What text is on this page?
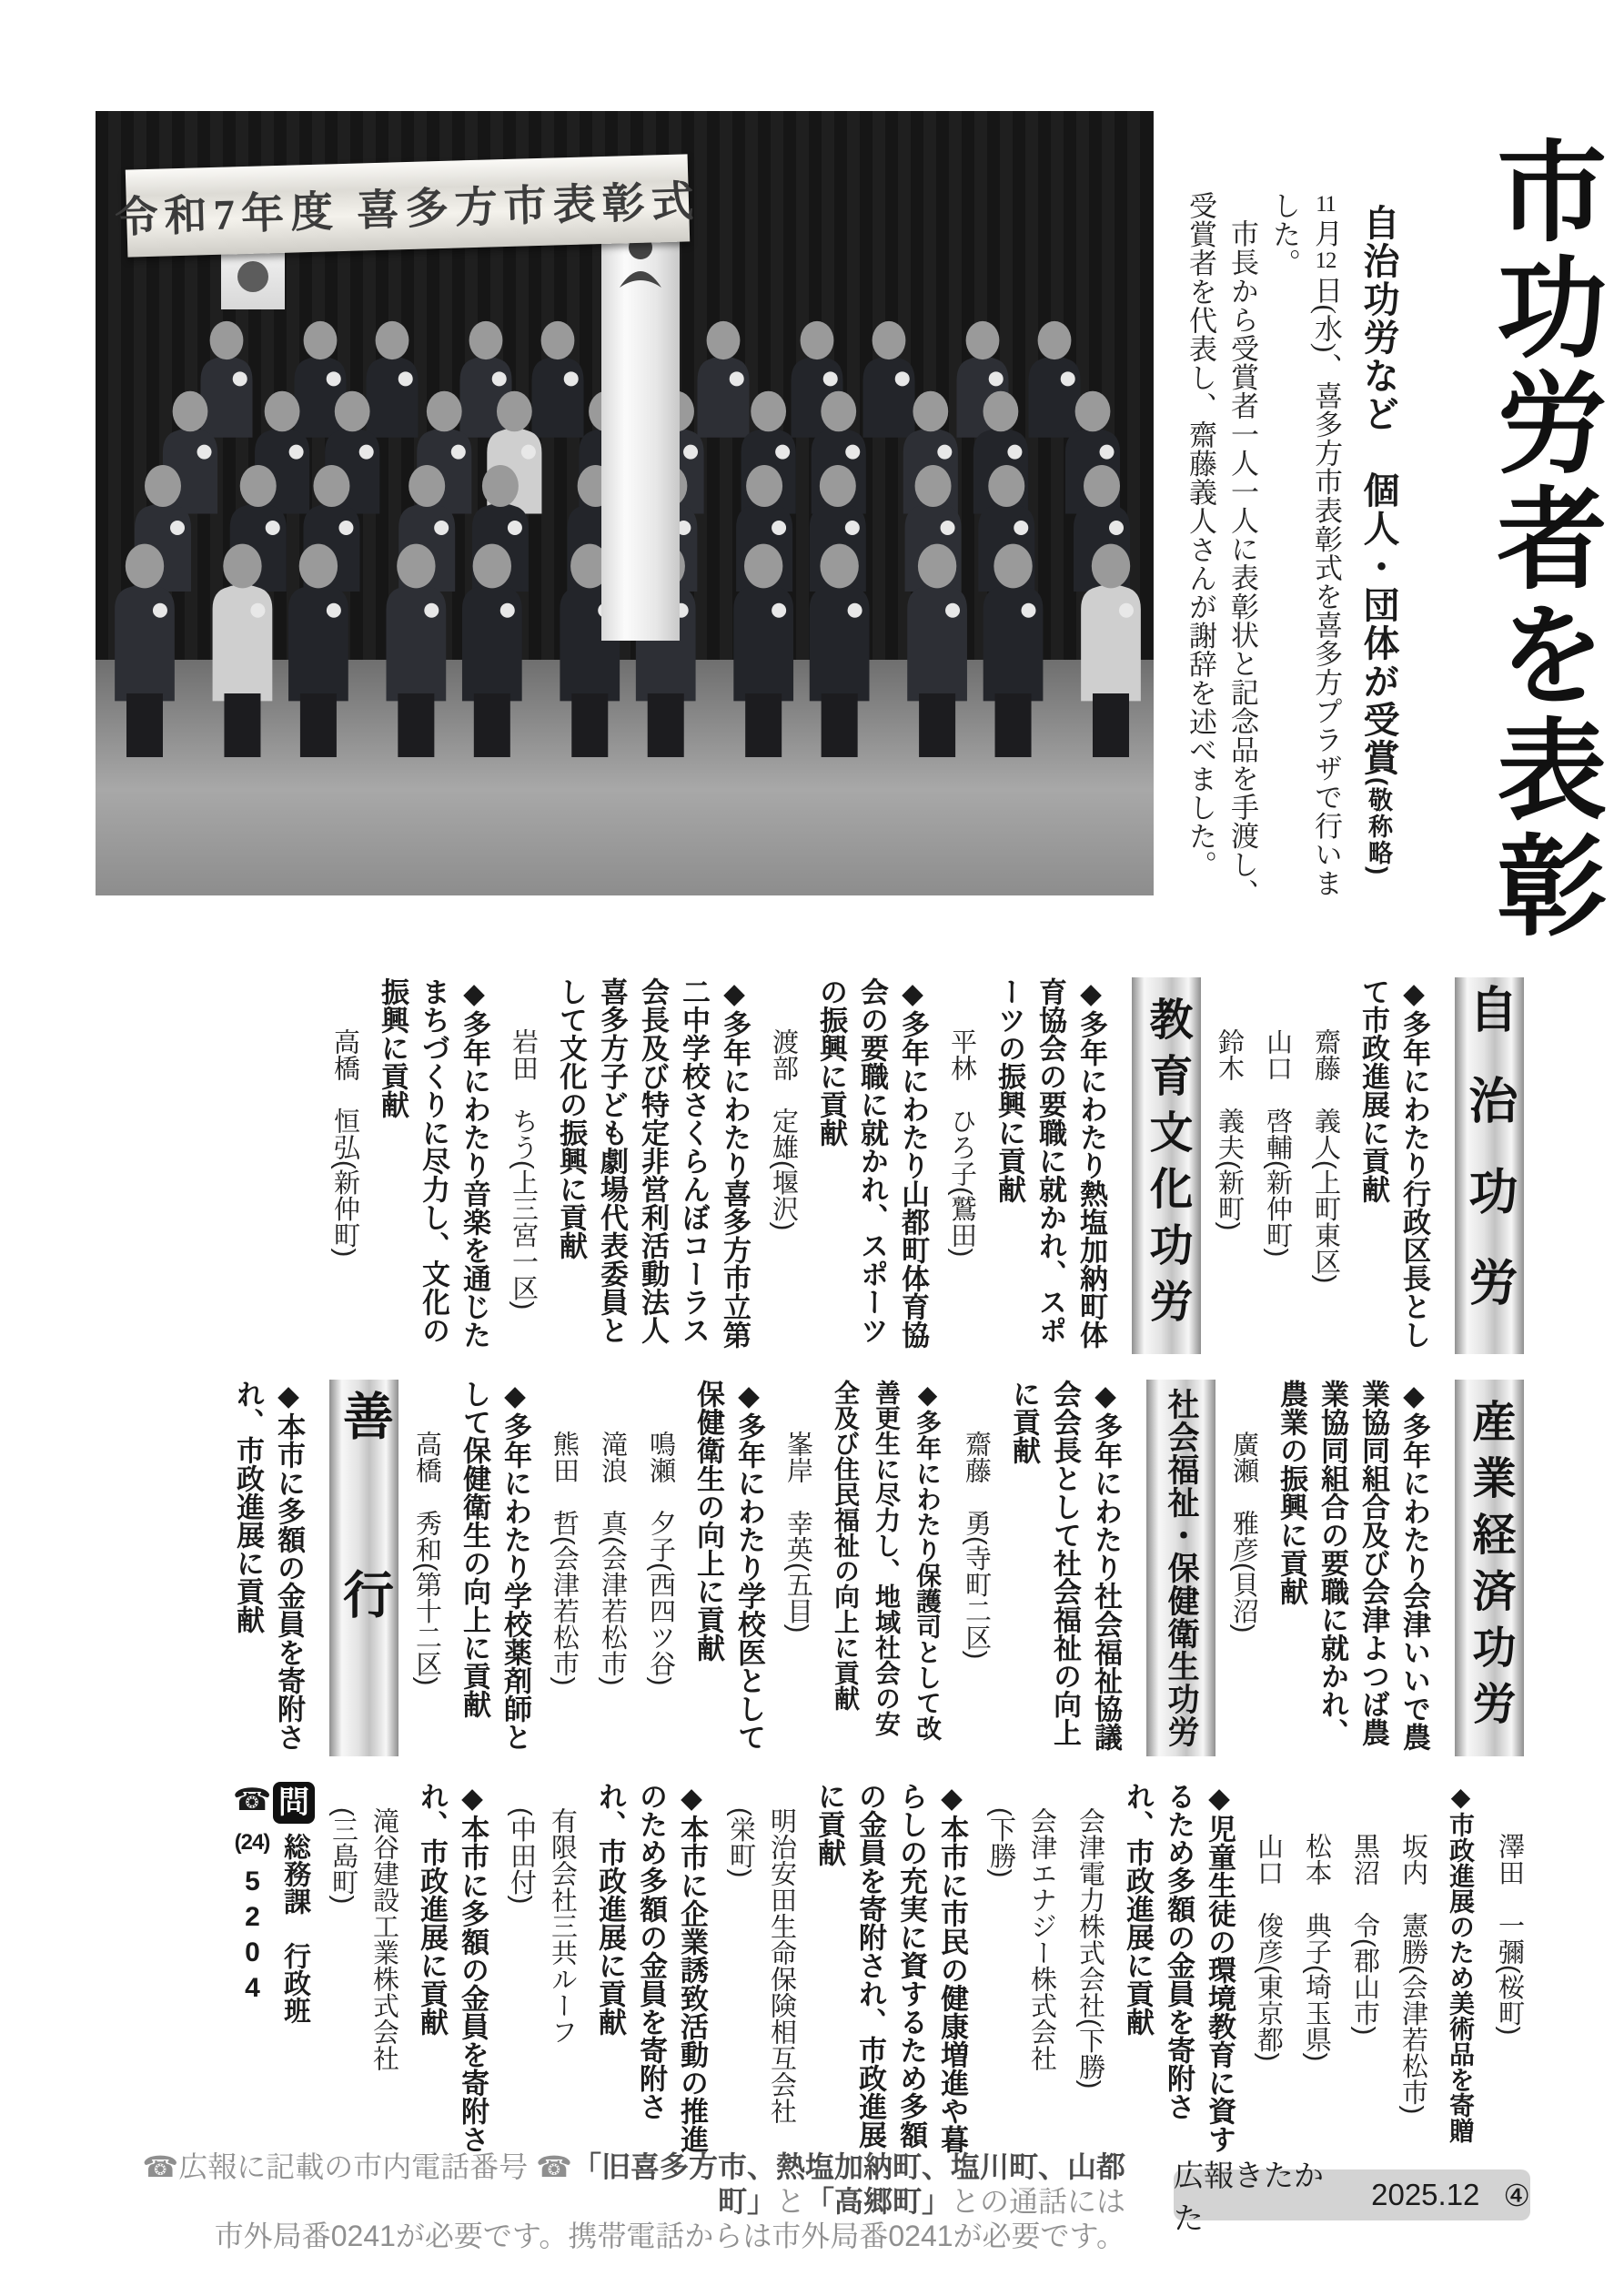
令和7年度 喜多方市表彰式	市功労者を表彰
自治功労など　個人・団体が受賞(敬称略)

11月12日(水)、喜多方市表彰式を喜多方プラザで行いました。

市長から受賞者一人一人に表彰状と記念品を手渡し、受賞者を代表し、齋藤義人さんが謝辞を述べました。

自治功労
◆多年にわたり行政区長とし
て市政進展に貢献
齋藤　義人(上町東区)
山口　啓輔(新仲町)
鈴木　義夫(新町)
教育文化功労
◆多年にわたり熱塩加納町体
育協会の要職に就かれ、スポ
ーツの振興に貢献
平林　ひろ子(鷲田)
◆多年にわたり山都町体育協
会の要職に就かれ、スポーツ
の振興に貢献
渡部　定雄(堰沢)
◆多年にわたり喜多方市立第
二中学校さくらんぼコーラス
会長及び特定非営利活動法人
喜多方子ども劇場代表委員と
して文化の振興に貢献
岩田　ちう(上三宮一区)
◆多年にわたり音楽を通じた
まちづくりに尽力し、文化の
振興に貢献
高橋　恒弘(新仲町)
産業経済功労
◆多年にわたり会津いいで農
業協同組合及び会津よつば農
業協同組合の要職に就かれ、
農業の振興に貢献
廣瀬　雅彦(貝沼)
社会福祉・保健衛生功労
◆多年にわたり社会福祉協議
会会長として社会福祉の向上
に貢献
齋藤　勇(寺町二区)
◆多年にわたり保護司として改
善更生に尽力し、地域社会の安
全及び住民福祉の向上に貢献
峯岸　幸英(五目)
◆多年にわたり学校医として
保健衛生の向上に貢献
鳴瀬　夕子(西四ツ谷)
滝浪　真(会津若松市)
熊田　哲(会津若松市)
◆多年にわたり学校薬剤師と
して保健衛生の向上に貢献
高橋　秀和(第十二区)
善行
◆本市に多額の金員を寄附さ
れ、市政進展に貢献
澤田　一彌(桜町)
◆市政進展のため美術品を寄贈
坂内　憲勝(会津若松市)
黒沼　令(郡山市)
松本　典子(埼玉県)
山口　俊彦(東京都)
◆児童生徒の環境教育に資す
るため多額の金員を寄附さ
れ、市政進展に貢献
会津電力株式会社(下勝)
会津エナジー株式会社
(下勝)
◆本市に市民の健康増進や暮
らしの充実に資するため多額
の金員を寄附され、市政進展
に貢献
明治安田生命保険相互会社
(栄町)
◆本市に企業誘致活動の推進
のため多額の金員を寄附さ
れ、市政進展に貢献
有限会社三共ルーフ
(中田付)
◆本市に多額の金員を寄附さ
れ、市政進展に貢献
滝谷建設工業株式会社
(三島町)
問総務課　行政班
☎(24)5204
☎広報に記載の市内電話番号 ☎「旧喜多方市、熱塩加納町、塩川町、山都町」と「高郷町」との通話には
市外局番0241が必要です。携帯電話からは市外局番0241が必要です。
広報きたかた
2025.12 ④
